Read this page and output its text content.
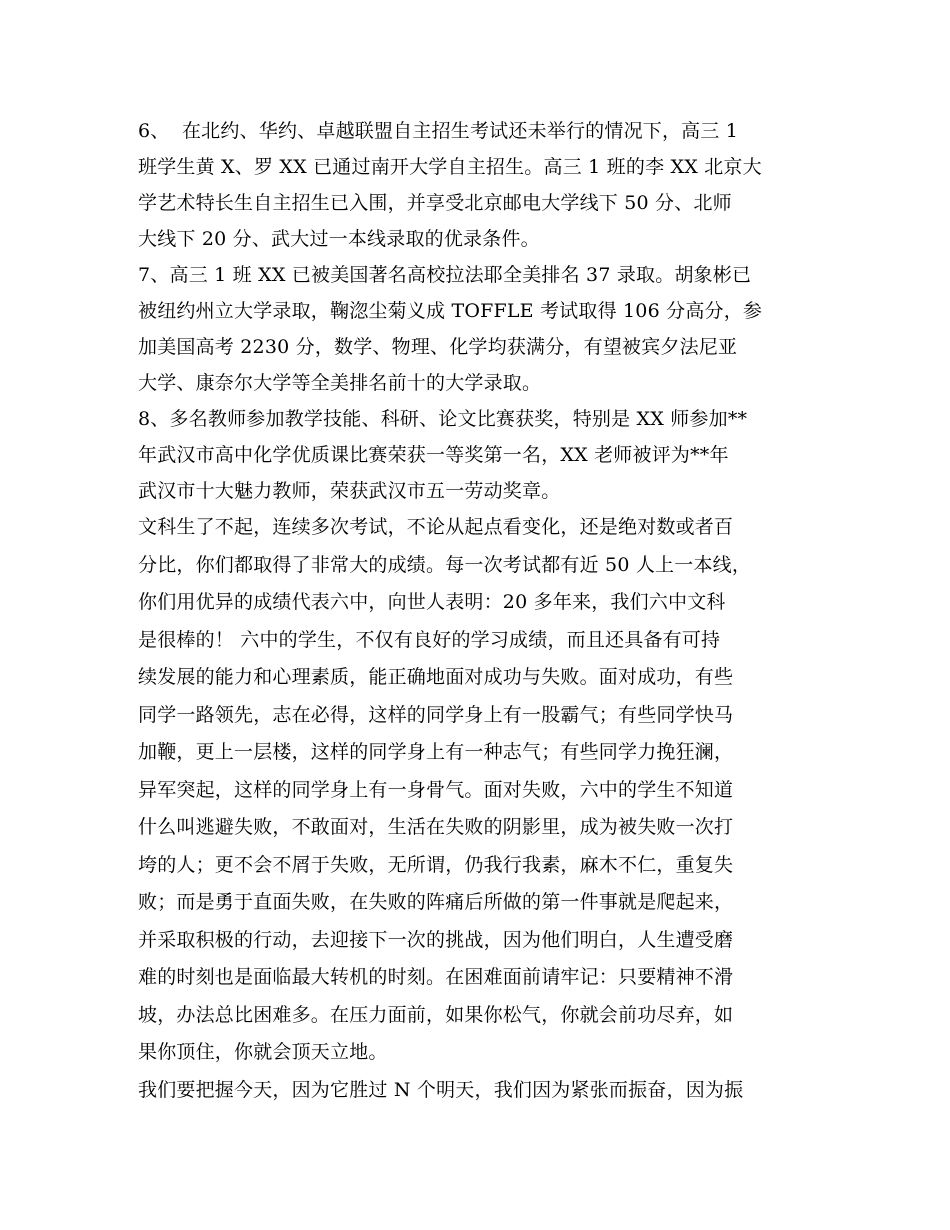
6、  在北约、华约、卓越联盟自主招生考试还未举行的情况下，高三 1
班学生黄 X、罗 XX 已通过南开大学自主招生。高三 1 班的李 XX 北京大
学艺术特长生自主招生已入围，并享受北京邮电大学线下 50 分、北师
大线下 20 分、武大过一本线录取的优录条件。
7、高三 1 班 XX 已被美国著名高校拉法耶全美排名 37 录取。胡象彬已
被纽约州立大学录取，鞠淴尘菊义成 TOFFLE 考试取得 106 分高分，参
加美国高考 2230 分，数学、物理、化学均获满分，有望被宾夕法尼亚
大学、康奈尔大学等全美排名前十的大学录取。
8、多名教师参加教学技能、科研、论文比赛获奖，特别是 XX 师参加**
年武汉市高中化学优质课比赛荣获一等奖第一名，XX 老师被评为**年
武汉市十大魅力教师，荣获武汉市五一劳动奖章。
文科生了不起，连续多次考试，不论从起点看变化，还是绝对数或者百
分比，你们都取得了非常大的成绩。每一次考试都有近 50 人上一本线，
你们用优异的成绩代表六中，向世人表明：20 多年来，我们六中文科
是很棒的！ 六中的学生，不仅有良好的学习成绩，而且还具备有可持
续发展的能力和心理素质，能正确地面对成功与失败。面对成功，有些
同学一路领先，志在必得，这样的同学身上有一股霸气；有些同学快马
加鞭，更上一层楼，这样的同学身上有一种志气；有些同学力挽狂澜，
异军突起，这样的同学身上有一身骨气。面对失败，六中的学生不知道
什么叫逃避失败，不敢面对，生活在失败的阴影里，成为被失败一次打
垮的人；更不会不屑于失败，无所谓，仍我行我素，麻木不仁，重复失
败；而是勇于直面失败，在失败的阵痛后所做的第一件事就是爬起来，
并采取积极的行动，去迎接下一次的挑战，因为他们明白，人生遭受磨
难的时刻也是面临最大转机的时刻。在困难面前请牢记：只要精神不滑
坡，办法总比困难多。在压力面前，如果你松气，你就会前功尽弃，如
果你顶住，你就会顶天立地。
我们要把握今天，因为它胜过 N 个明天，我们因为紧张而振奋，因为振
